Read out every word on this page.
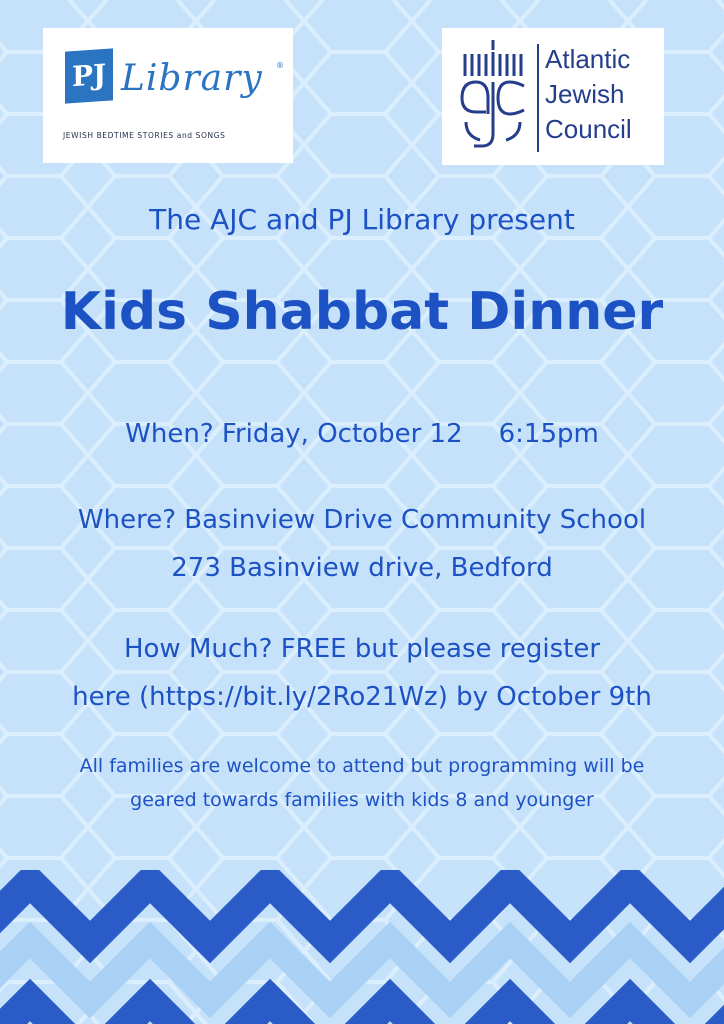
PJ Library ®
JEWISH BEDTIME STORIES and SONGS
Atlantic
Jewish
Council
The AJC and PJ Library present
Kids Shabbat Dinner
When? Friday, October 12 6:15pm
Where? Basinview Drive Community School
273 Basinview drive, Bedford
How Much? FREE but please register
here (https://bit.ly/2Ro21Wz) by October 9th
All families are welcome to attend but programming will be
geared towards families with kids 8 and younger
